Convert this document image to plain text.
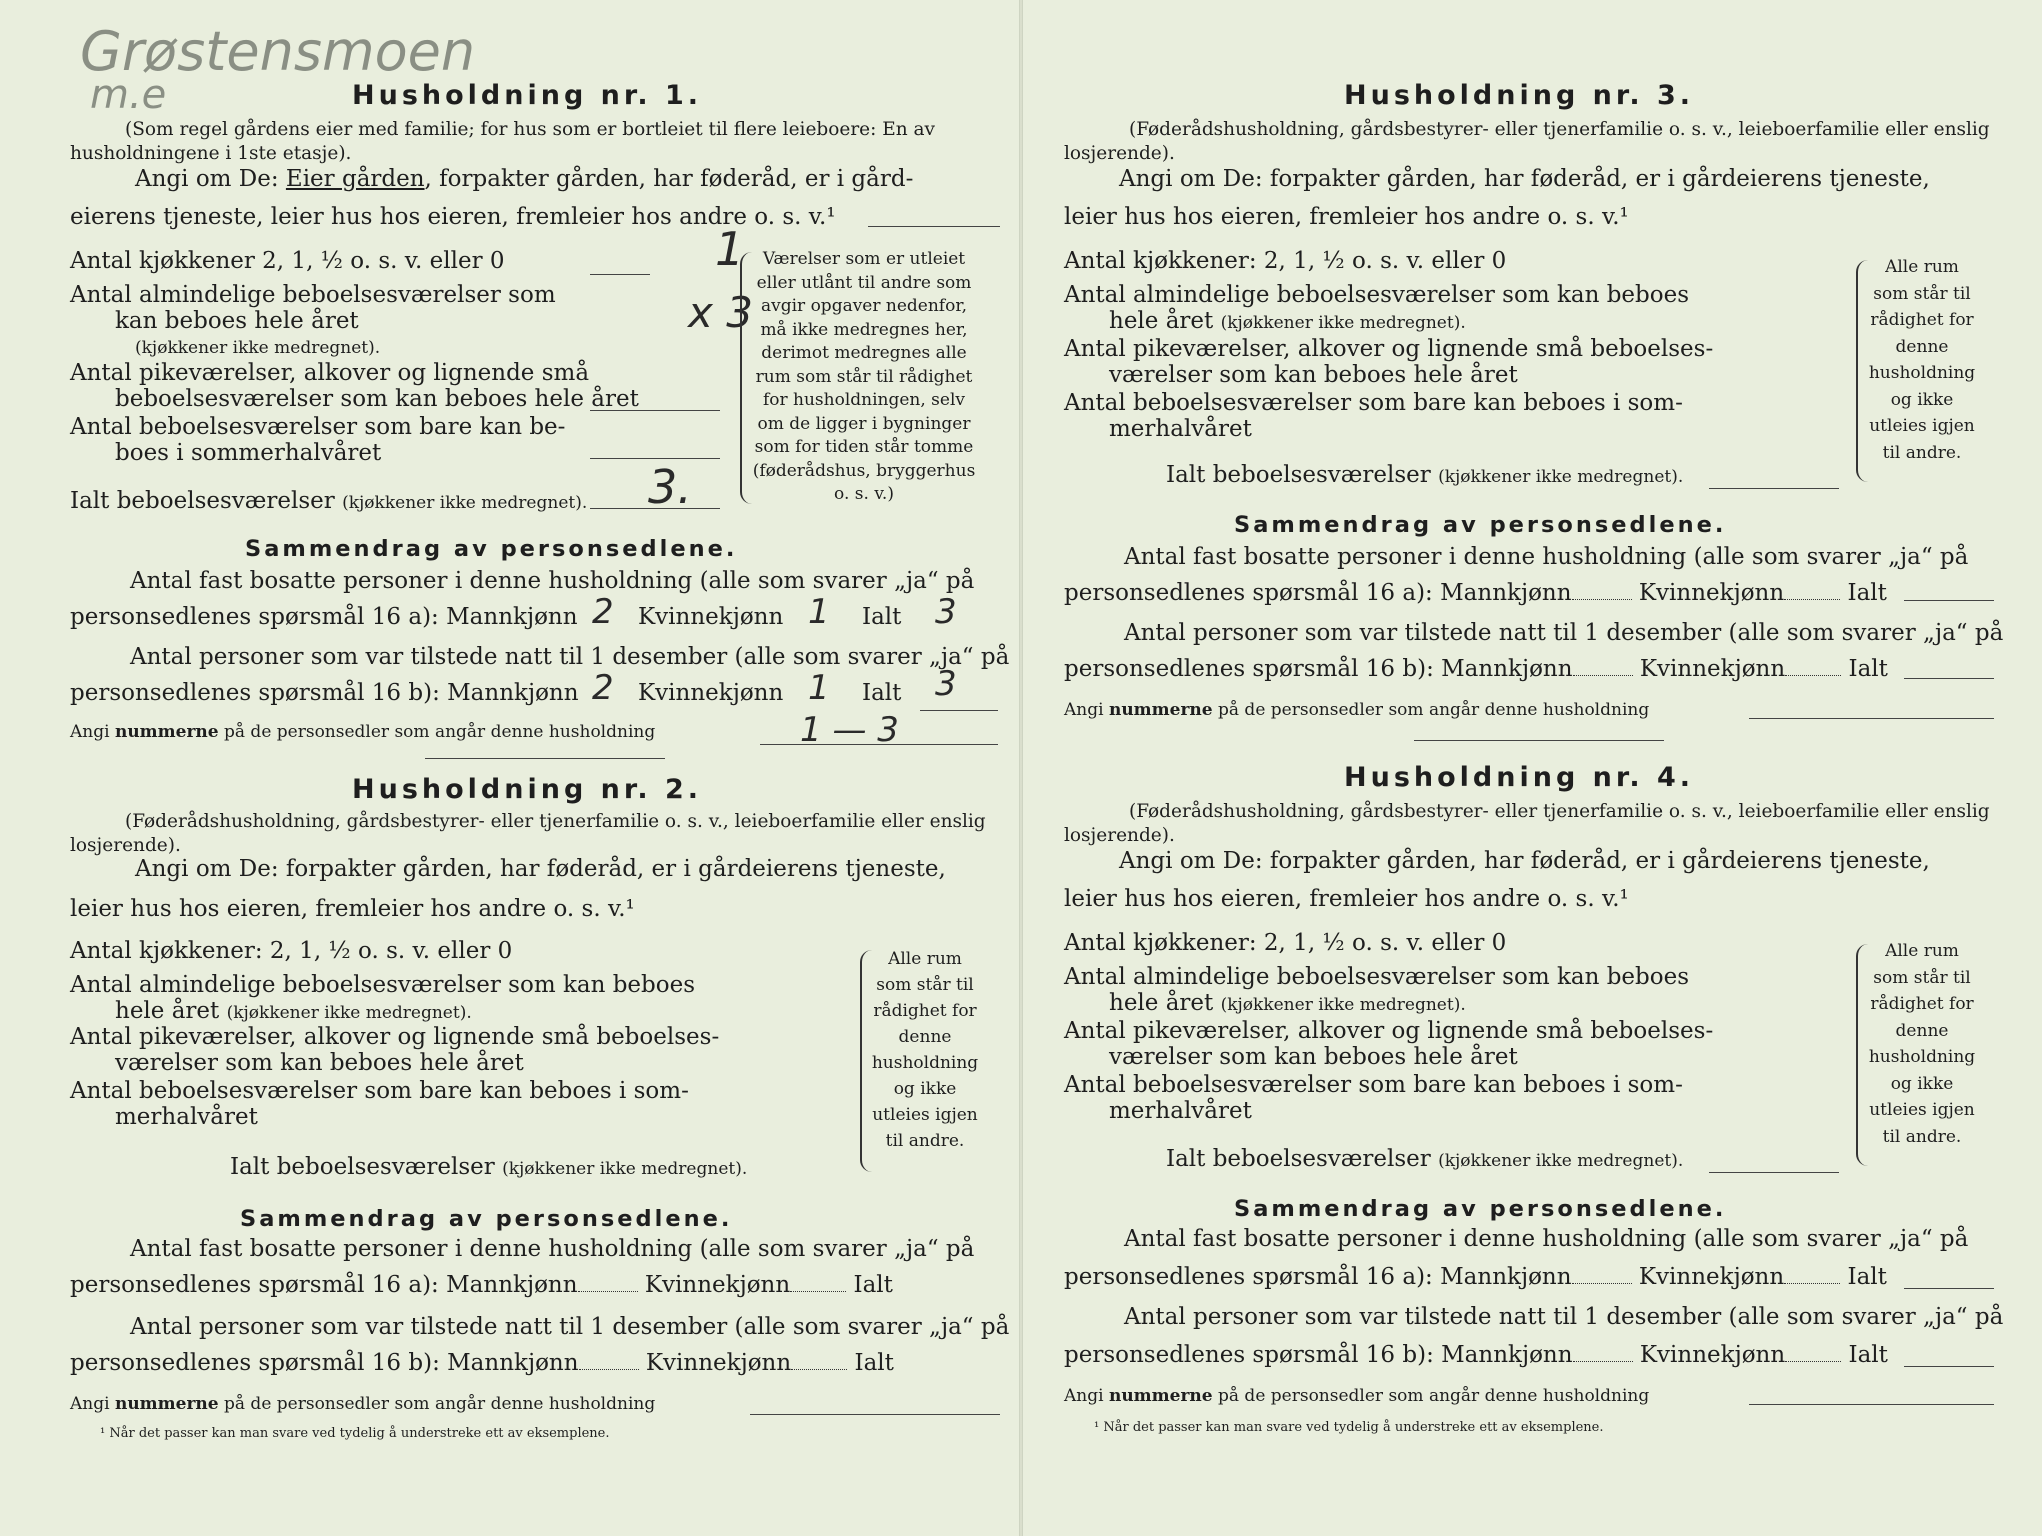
Grøstensmoen
m.e	Husholdning nr. 1.
(Som regel gårdens eier med familie; for hus som er bortleiet til flere leieboere: En av husholdningene i 1ste etasje).
Angi om De: Eier gården, forpakter gården, har føderåd, er i gård-
eierens tjeneste, leier hus hos eieren, fremleier hos andre o. s. v.¹
Antal kjøkkener 2, 1, ½ o. s. v. eller 0	1
Antal almindelige beboelsesværelser som
kan beboes hele året	x 3
(kjøkkener ikke medregnet).
Antal pikeværelser, alkover og lignende små
beboelsesværelser som kan beboes hele året
Antal beboelsesværelser som bare kan be-
boes i sommerhalvåret
Ialt beboelsesværelser (kjøkkener ikke medregnet). 3.
Værelser som er utleiet eller utlånt til andre som avgir opgaver nedenfor, må ikke medregnes her, derimot medregnes alle rum som står til rådighet for husholdningen, selv om de ligger i bygninger som for tiden står tomme (føderådshus, bryggerhus o. s. v.)
Sammendrag av personsedlene.
Antal fast bosatte personer i denne husholdning (alle som svarer „ja“ på
personsedlenes spørsmål 16 a): Mannkjønn 2 Kvinnekjønn 1 Ialt 3
Antal personer som var tilstede natt til 1 desember (alle som svarer „ja“ på
personsedlenes spørsmål 16 b): Mannkjønn 2 Kvinnekjønn 1 Ialt 3
Angi nummerne på de personsedler som angår denne husholdning	1 — 3
Husholdning nr. 2.
(Føderådshusholdning, gårdsbestyrer- eller tjenerfamilie o. s. v., leieboerfamilie eller enslig losjerende).
Angi om De: forpakter gården, har føderåd, er i gårdeierens tjeneste,
leier hus hos eieren, fremleier hos andre o. s. v.¹
Antal kjøkkener: 2, 1, ½ o. s. v. eller 0
Antal almindelige beboelsesværelser som kan beboes
hele året (kjøkkener ikke medregnet).
Antal pikeværelser, alkover og lignende små beboelses-
værelser som kan beboes hele året
Antal beboelsesværelser som bare kan beboes i som-
merhalvåret
Ialt beboelsesværelser (kjøkkener ikke medregnet).
Alle rum som står til rådighet for denne husholdning og ikke utleies igjen til andre.
Sammendrag av personsedlene.
Antal fast bosatte personer i denne husholdning (alle som svarer „ja“ på
personsedlenes spørsmål 16 a): Mannkjønn	Kvinnekjønn	Ialt
Antal personer som var tilstede natt til 1 desember (alle som svarer „ja“ på
personsedlenes spørsmål 16 b): Mannkjønn	Kvinnekjønn	Ialt
Angi nummerne på de personsedler som angår denne husholdning
¹ Når det passer kan man svare ved tydelig å understreke ett av eksemplene.
Husholdning nr. 3.
(Føderådshusholdning, gårdsbestyrer- eller tjenerfamilie o. s. v., leieboerfamilie eller enslig losjerende).
Angi om De: forpakter gården, har føderåd, er i gårdeierens tjeneste,
leier hus hos eieren, fremleier hos andre o. s. v.¹
Antal kjøkkener: 2, 1, ½ o. s. v. eller 0
Antal almindelige beboelsesværelser som kan beboes
hele året (kjøkkener ikke medregnet).
Antal pikeværelser, alkover og lignende små beboelses-
værelser som kan beboes hele året
Antal beboelsesværelser som bare kan beboes i som-
merhalvåret
Ialt beboelsesværelser (kjøkkener ikke medregnet).
Alle rum som står til rådighet for denne husholdning og ikke utleies igjen til andre.
Sammendrag av personsedlene.
Antal fast bosatte personer i denne husholdning (alle som svarer „ja“ på
personsedlenes spørsmål 16 a): Mannkjønn	Kvinnekjønn	Ialt
Antal personer som var tilstede natt til 1 desember (alle som svarer „ja“ på
personsedlenes spørsmål 16 b): Mannkjønn	Kvinnekjønn	Ialt
Angi nummerne på de personsedler som angår denne husholdning
Husholdning nr. 4.
(Føderådshusholdning, gårdsbestyrer- eller tjenerfamilie o. s. v., leieboerfamilie eller enslig losjerende).
Angi om De: forpakter gården, har føderåd, er i gårdeierens tjeneste,
leier hus hos eieren, fremleier hos andre o. s. v.¹
Antal kjøkkener: 2, 1, ½ o. s. v. eller 0
Antal almindelige beboelsesværelser som kan beboes
hele året (kjøkkener ikke medregnet).
Antal pikeværelser, alkover og lignende små beboelses-
værelser som kan beboes hele året
Antal beboelsesværelser som bare kan beboes i som-
merhalvåret
Ialt beboelsesværelser (kjøkkener ikke medregnet).
Alle rum som står til rådighet for denne husholdning og ikke utleies igjen til andre.
Sammendrag av personsedlene.
Antal fast bosatte personer i denne husholdning (alle som svarer „ja“ på
personsedlenes spørsmål 16 a): Mannkjønn	Kvinnekjønn	Ialt
Antal personer som var tilstede natt til 1 desember (alle som svarer „ja“ på
personsedlenes spørsmål 16 b): Mannkjønn	Kvinnekjønn	Ialt
Angi nummerne på de personsedler som angår denne husholdning
¹ Når det passer kan man svare ved tydelig å understreke ett av eksemplene.
